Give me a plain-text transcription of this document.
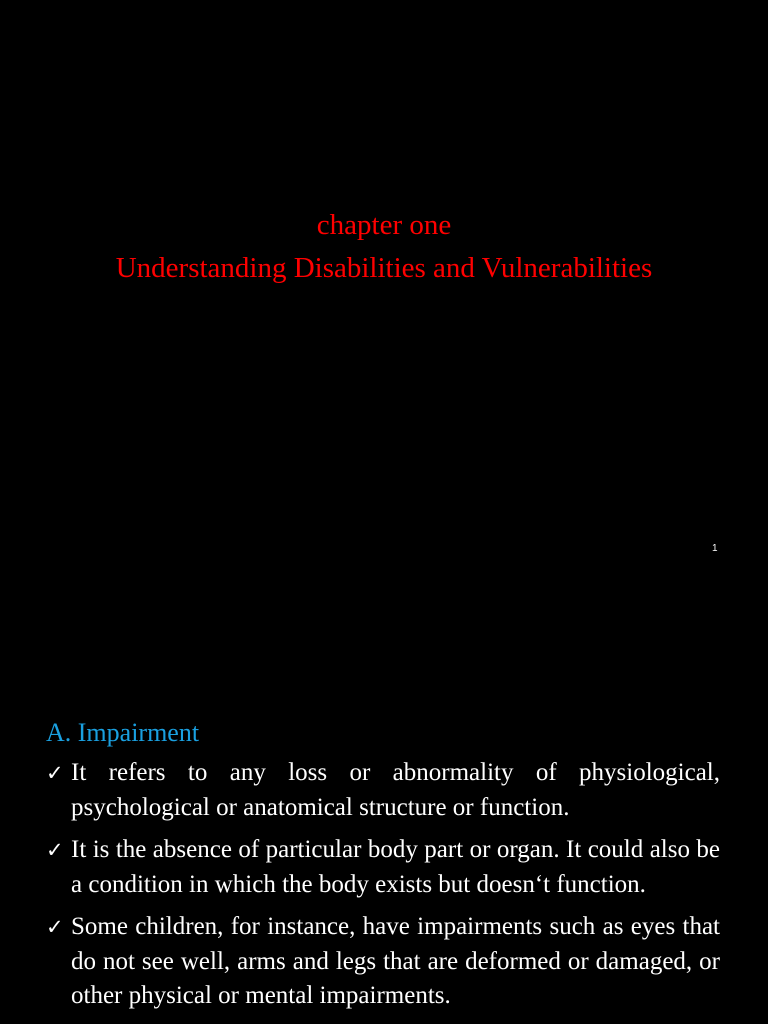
chapter one
Understanding Disabilities and Vulnerabilities
1
A. Impairment
✓ It refers to any loss or abnormality of physiological, psychological or anatomical structure or function.
✓ It is the absence of particular body part or organ. It could also be a condition in which the body exists but doesn‘t function.
✓ Some children, for instance, have impairments such as eyes that do not see well, arms and legs that are deformed or damaged, or other physical or mental impairments.
